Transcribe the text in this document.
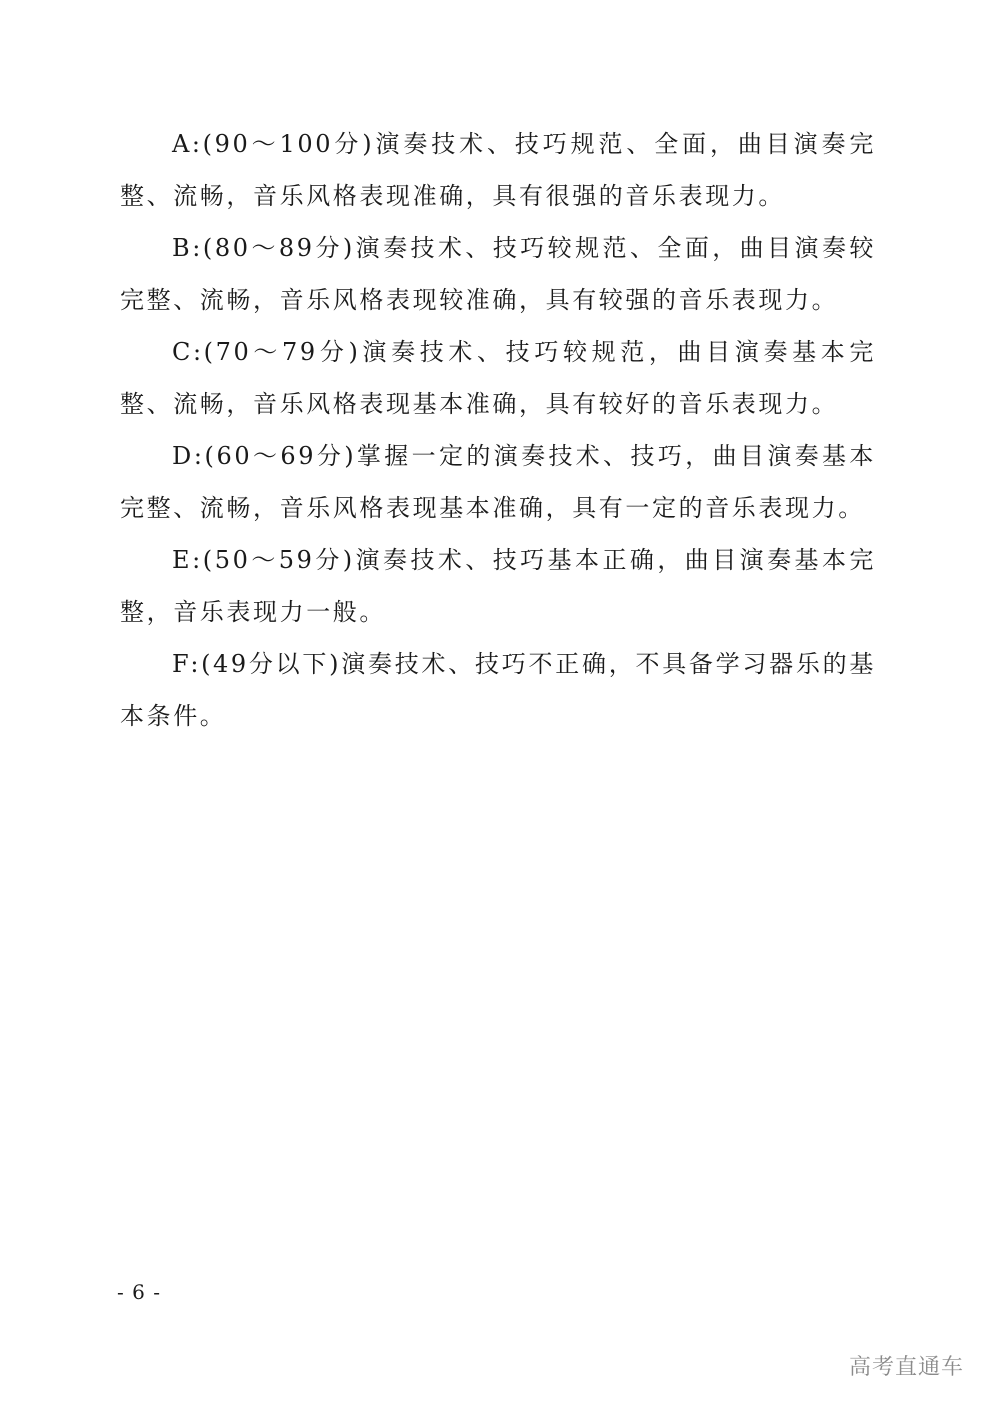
A:(90～100分)演奏技术、技巧规范、全面，曲目演奏完整、流畅，音乐风格表现准确，具有很强的音乐表现力。

B:(80～89分)演奏技术、技巧较规范、全面，曲目演奏较完整、流畅，音乐风格表现较准确，具有较强的音乐表现力。

C:(70～79分)演奏技术、技巧较规范，曲目演奏基本完整、流畅，音乐风格表现基本准确，具有较好的音乐表现力。

D:(60～69分)掌握一定的演奏技术、技巧，曲目演奏基本完整、流畅，音乐风格表现基本准确，具有一定的音乐表现力。

E:(50～59分)演奏技术、技巧基本正确，曲目演奏基本完整，音乐表现力一般。

F:(49分以下)演奏技术、技巧不正确，不具备学习器乐的基本条件。

- 6 -
高考直通车
